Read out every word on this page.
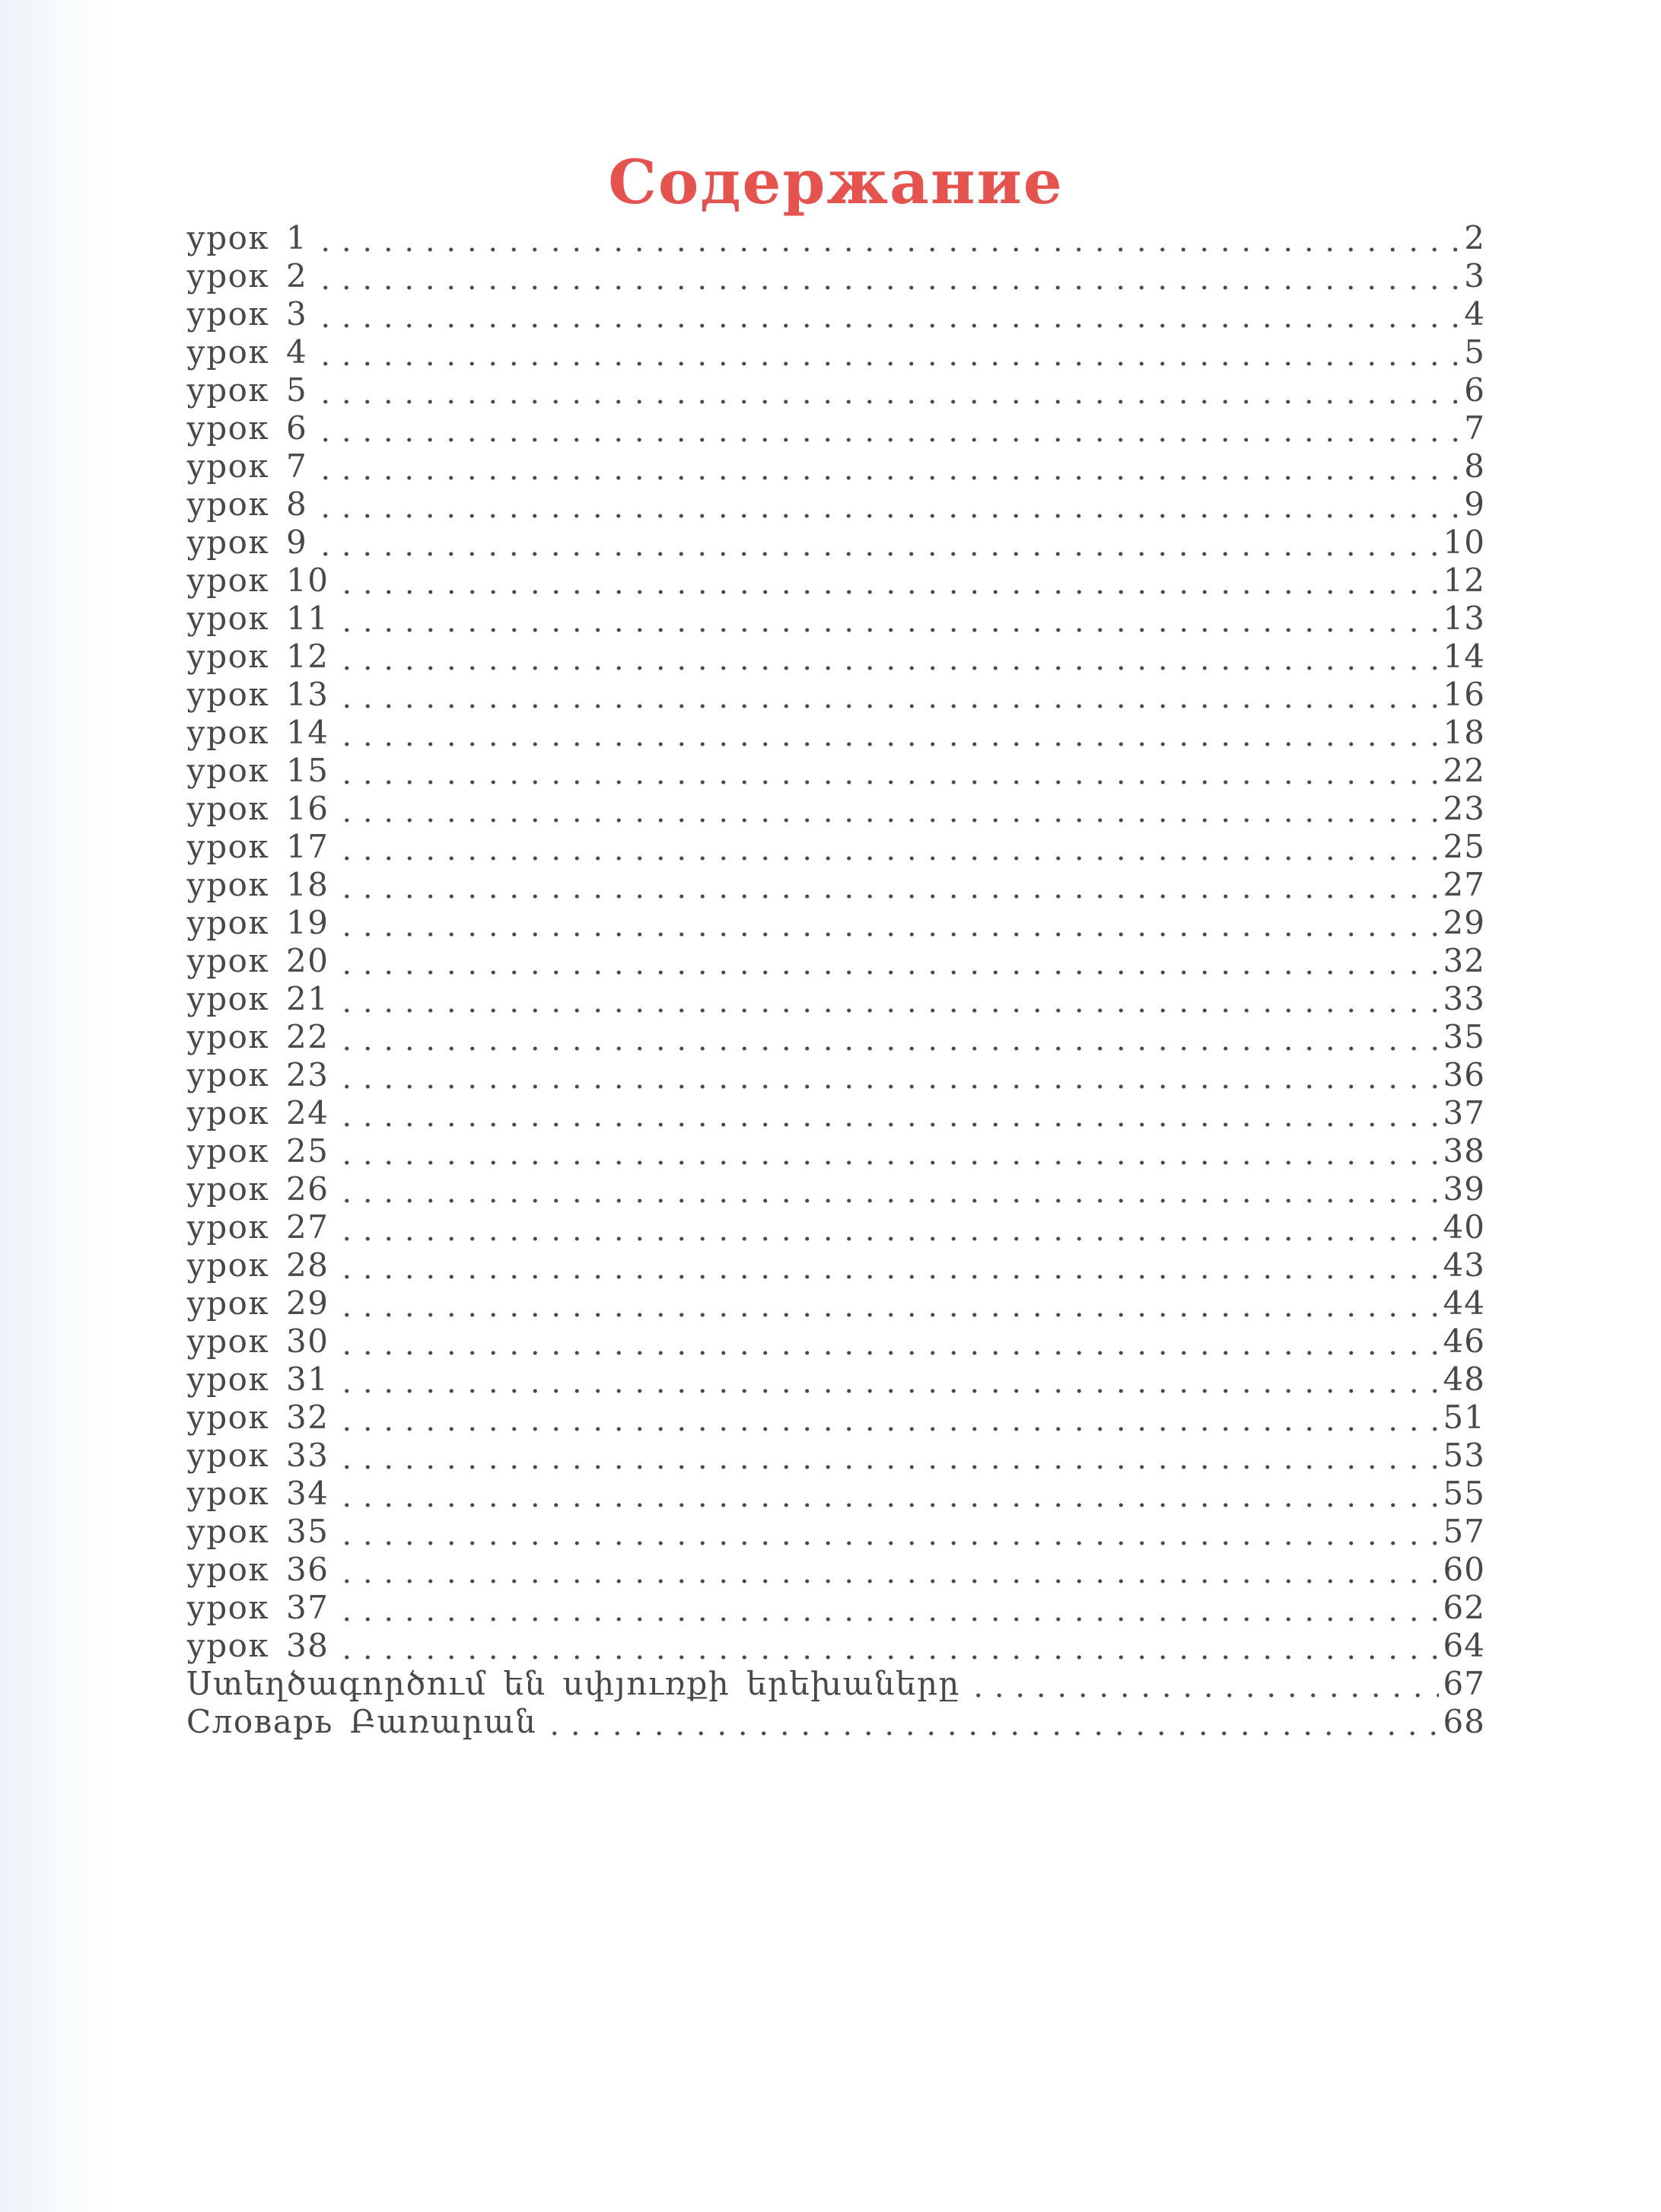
Содержание
урок 1	2
урок 2	3
урок 3	4
урок 4	5
урок 5	6
урок 6	7
урок 7	8
урок 8	9
урок 9	10
урок 10	12
урок 11	13
урок 12	14
урок 13	16
урок 14	18
урок 15	22
урок 16	23
урок 17	25
урок 18	27
урок 19	29
урок 20	32
урок 21	33
урок 22	35
урок 23	36
урок 24	37
урок 25	38
урок 26	39
урок 27	40
урок 28	43
урок 29	44
урок 30	46
урок 31	48
урок 32	51
урок 33	53
урок 34	55
урок 35	57
урок 36	60
урок 37	62
урок 38	64
Ստեղծագործում են սփյուռքի երեխաները	67
Словарь Բառարան	68
